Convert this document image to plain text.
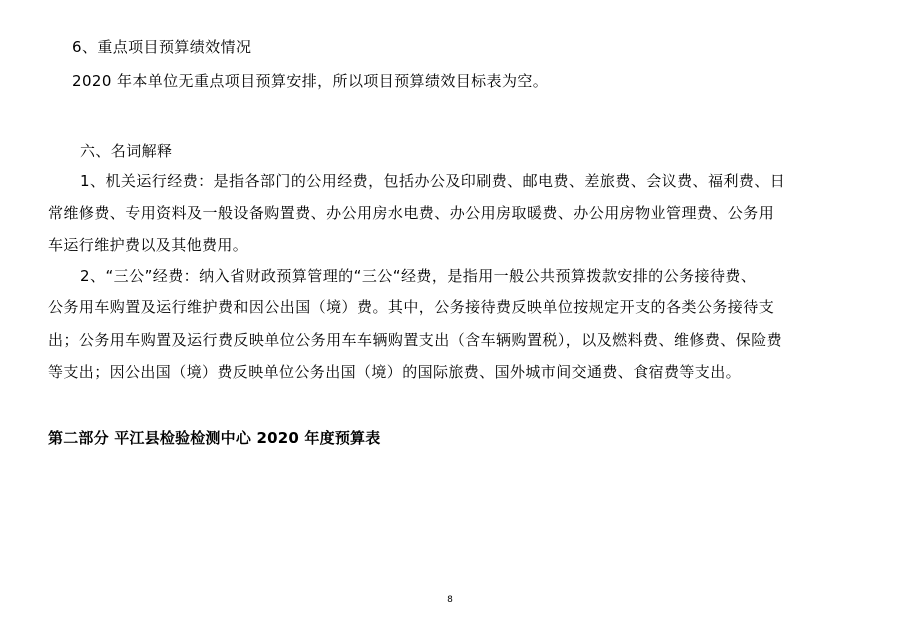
6、重点项目预算绩效情况
2020 年本单位无重点项目预算安排，所以项目预算绩效目标表为空。
六、名词解释
1、机关运行经费：是指各部门的公用经费，包括办公及印刷费、邮电费、差旅费、会议费、福利费、日
常维修费、专用资料及一般设备购置费、办公用房水电费、办公用房取暖费、办公用房物业管理费、公务用
车运行维护费以及其他费用。
2、“三公”经费：纳入省财政预算管理的“三公“经费，是指用一般公共预算拨款安排的公务接待费、
公务用车购置及运行维护费和因公出国（境）费。其中，公务接待费反映单位按规定开支的各类公务接待支
出；公务用车购置及运行费反映单位公务用车车辆购置支出（含车辆购置税），以及燃料费、维修费、保险费
等支出；因公出国（境）费反映单位公务出国（境）的国际旅费、国外城市间交通费、食宿费等支出。
第二部分 平江县检验检测中心 2020 年度预算表
8
